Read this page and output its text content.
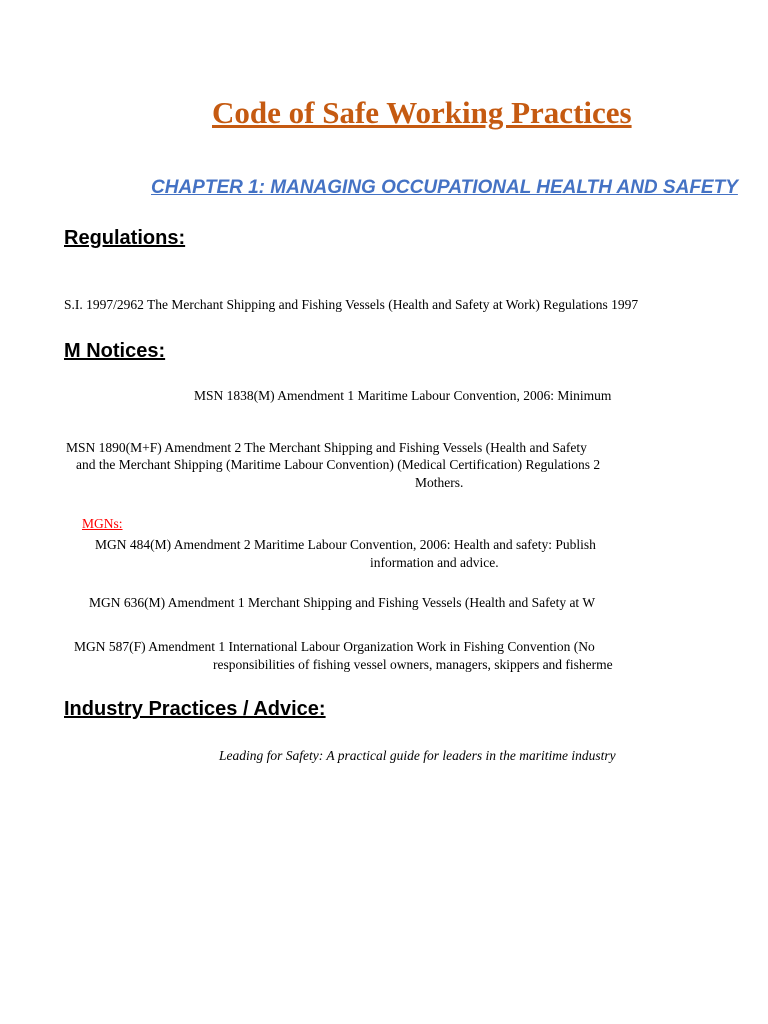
Code of Safe Working Practices
CHAPTER 1: MANAGING OCCUPATIONAL HEALTH AND SAFETY
Regulations:

S.I. 1997/2962 The Merchant Shipping and Fishing Vessels (Health and Safety at Work) Regulations 1997

M Notices:

MSN 1838(M) Amendment 1 Maritime Labour Convention, 2006: Minimum

MSN 1890(M+F) Amendment 2 The Merchant Shipping and Fishing Vessels (Health and Safety

and the Merchant Shipping (Maritime Labour Convention) (Medical Certification) Regulations 2

Mothers.

MGNs:

MGN 484(M) Amendment 2 Maritime Labour Convention, 2006: Health and safety: Publish

information and advice.

MGN 636(M) Amendment 1 Merchant Shipping and Fishing Vessels (Health and Safety at W

MGN 587(F) Amendment 1 International Labour Organization Work in Fishing Convention (No

responsibilities of fishing vessel owners, managers, skippers and fisherme

Industry Practices / Advice:

Leading for Safety: A practical guide for leaders in the maritime industry
